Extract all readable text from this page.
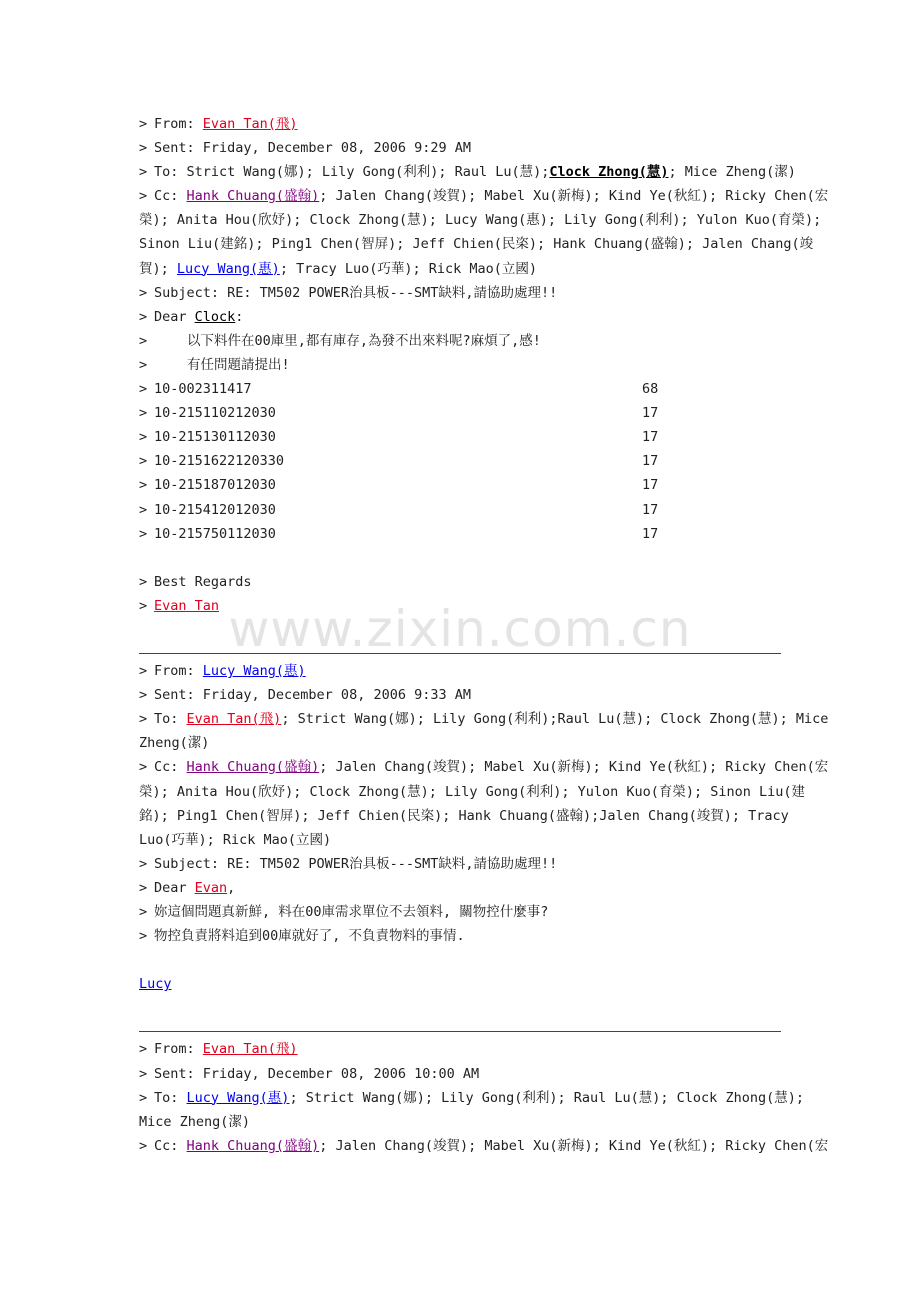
www.zixin.com.cn
> From: Evan Tan(飛)
> Sent: Friday, December 08, 2006 9:29 AM
> To: Strict Wang(娜); Lily Gong(利利); Raul Lu(慧);Clock Zhong(慧); Mice Zheng(潔)
> Cc: Hank Chuang(盛翰); Jalen Chang(竣賀); Mabel Xu(新梅); Kind Ye(秋紅); Ricky Chen(宏榮); Anita Hou(欣妤); Clock Zhong(慧); Lucy Wang(惠); Lily Gong(利利); Yulon Kuo(育榮); Sinon Liu(建銘); Ping1 Chen(智屏); Jeff Chien(民栥); Hank Chuang(盛翰); Jalen Chang(竣賀); Lucy Wang(惠); Tracy Luo(巧華); Rick Mao(立國)
> Subject: RE: TM502 POWER治具板---SMT缺料,請協助處理!!
> Dear Clock:
>	以下料件在00庫里,都有庫存,為發不出來料呢?麻煩了,感!
>	有任問題請提出!
> 10-002311417	68
> 10-215110212030	17
> 10-215130112030	17
> 10-2151622120330	17
> 10-215187012030	17
> 10-215412012030	17
> 10-215750112030	17
> Best Regards
> Evan Tan
> From: Lucy Wang(惠)
> Sent: Friday, December 08, 2006 9:33 AM
> To: Evan Tan(飛); Strict Wang(娜); Lily Gong(利利);Raul Lu(慧); Clock Zhong(慧); Mice Zheng(潔)
> Cc: Hank Chuang(盛翰); Jalen Chang(竣賀); Mabel Xu(新梅); Kind Ye(秋紅); Ricky Chen(宏榮); Anita Hou(欣妤); Clock Zhong(慧); Lily Gong(利利); Yulon Kuo(育榮); Sinon Liu(建銘); Ping1 Chen(智屏); Jeff Chien(民栥); Hank Chuang(盛翰);Jalen Chang(竣賀); Tracy Luo(巧華); Rick Mao(立國)
> Subject: RE: TM502 POWER治具板---SMT缺料,請協助處理!!
> Dear Evan,
> 妳這個問題真新鮮, 料在00庫需求單位不去領料, 關物控什麼事?
> 物控負責將料追到00庫就好了, 不負責物料的事情.
Lucy
> From: Evan Tan(飛)
> Sent: Friday, December 08, 2006 10:00 AM
> To: Lucy Wang(惠); Strict Wang(娜); Lily Gong(利利); Raul Lu(慧); Clock Zhong(慧); Mice Zheng(潔)
> Cc: Hank Chuang(盛翰); Jalen Chang(竣賀); Mabel Xu(新梅); Kind Ye(秋紅); Ricky Chen(宏
